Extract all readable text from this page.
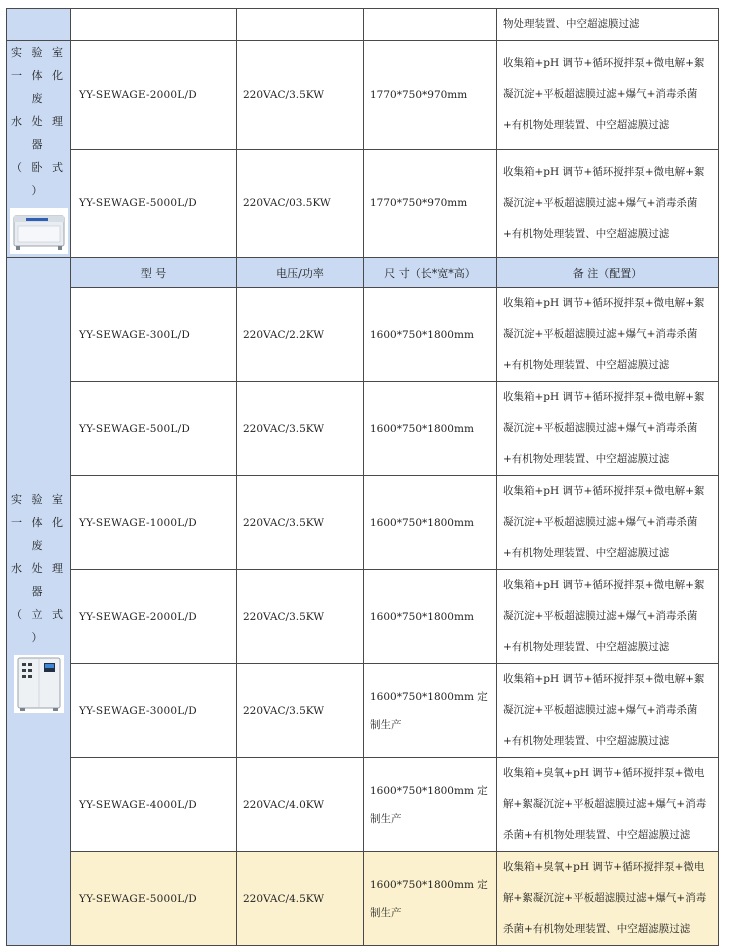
				物处理装置、中空超滤膜过滤

实 验 室
一 体 化 废
水 处 理 器
（ 卧 式 ）	YY-SEWAGE-2000L/D	220VAC/3.5KW	1770*750*970mm	收集箱+pH 调节+循环搅拌泵+微电解+絮凝沉淀+平板超滤膜过滤+爆气+消毒杀菌+有机物处理装置、中空超滤膜过滤
	YY-SEWAGE-5000L/D	220VAC/03.5KW	1770*750*970mm	收集箱+pH 调节+循环搅拌泵+微电解+絮凝沉淀+平板超滤膜过滤+爆气+消毒杀菌+有机物处理装置、中空超滤膜过滤

实 验 室
一 体 化 废
水 处 理 器
（ 立 式 ）	型 号	电压/功率	尺 寸（长*宽*高）	备 注（配置）
	YY-SEWAGE-300L/D	220VAC/2.2KW	1600*750*1800mm	收集箱+pH 调节+循环搅拌泵+微电解+絮凝沉淀+平板超滤膜过滤+爆气+消毒杀菌+有机物处理装置、中空超滤膜过滤
	YY-SEWAGE-500L/D	220VAC/3.5KW	1600*750*1800mm	收集箱+pH 调节+循环搅拌泵+微电解+絮凝沉淀+平板超滤膜过滤+爆气+消毒杀菌+有机物处理装置、中空超滤膜过滤
	YY-SEWAGE-1000L/D	220VAC/3.5KW	1600*750*1800mm	收集箱+pH 调节+循环搅拌泵+微电解+絮凝沉淀+平板超滤膜过滤+爆气+消毒杀菌+有机物处理装置、中空超滤膜过滤
	YY-SEWAGE-2000L/D	220VAC/3.5KW	1600*750*1800mm	收集箱+pH 调节+循环搅拌泵+微电解+絮凝沉淀+平板超滤膜过滤+爆气+消毒杀菌+有机物处理装置、中空超滤膜过滤
	YY-SEWAGE-3000L/D	220VAC/3.5KW	1600*750*1800mm 定制生产	收集箱+pH 调节+循环搅拌泵+微电解+絮凝沉淀+平板超滤膜过滤+爆气+消毒杀菌+有机物处理装置、中空超滤膜过滤
	YY-SEWAGE-4000L/D	220VAC/4.0KW	1600*750*1800mm 定制生产	收集箱+臭氧+pH 调节+循环搅拌泵+微电解+絮凝沉淀+平板超滤膜过滤+爆气+消毒杀菌+有机物处理装置、中空超滤膜过滤
	YY-SEWAGE-5000L/D	220VAC/4.5KW	1600*750*1800mm 定制生产	收集箱+臭氧+pH 调节+循环搅拌泵+微电解+絮凝沉淀+平板超滤膜过滤+爆气+消毒杀菌+有机物处理装置、中空超滤膜过滤
